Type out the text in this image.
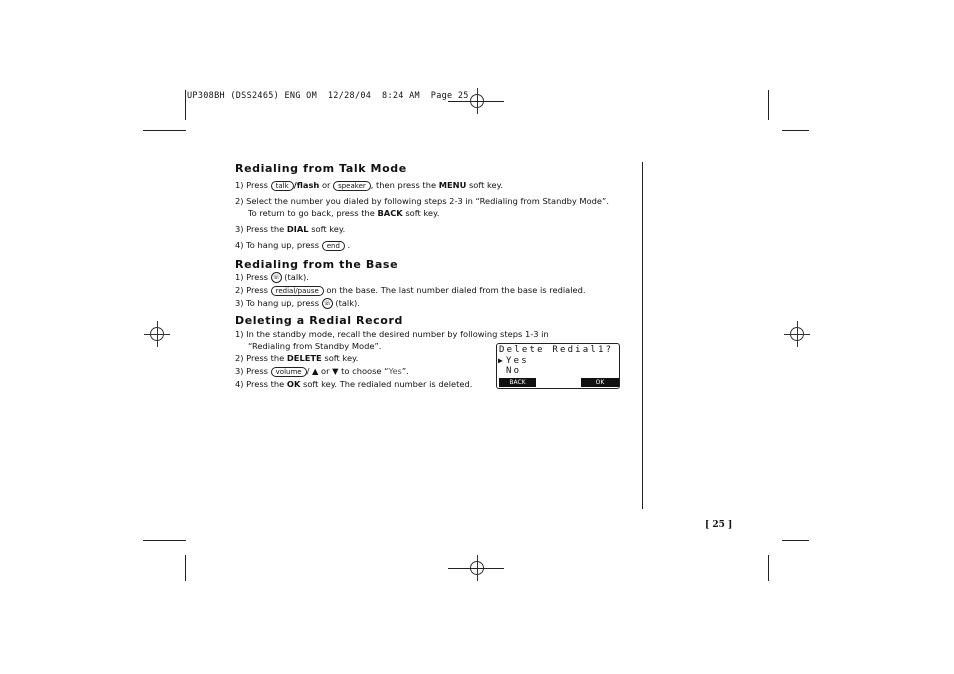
UP308BH (DSS2465) ENG OM  12/28/04  8:24 AM  Page 25
Redialing from Talk Mode
1) Press talk /flash or speaker , then press the MENU soft key.
2) Select the number you dialed by following steps 2-3 in “Redialing from Standby Mode”.
To return to go back, press the BACK soft key.
3) Press the DIAL soft key.
4) To hang up, press end .
Redialing from the Base
1) Press ☏ (talk).
2) Press redial/pause on the base. The last number dialed from the base is redialed.
3) To hang up, press ☏ (talk).
Deleting a Redial Record
1) In the standby mode, recall the desired number by following steps 1-3 in
“Redialing from Standby Mode”.
2) Press the DELETE soft key.
3) Press volume / ▲ or ▼ to choose “Yes”.
4) Press the OK soft key. The redialed number is deleted.
Delete Redial1?
▶ Yes
No
BACK	OK
[ 25 ]
